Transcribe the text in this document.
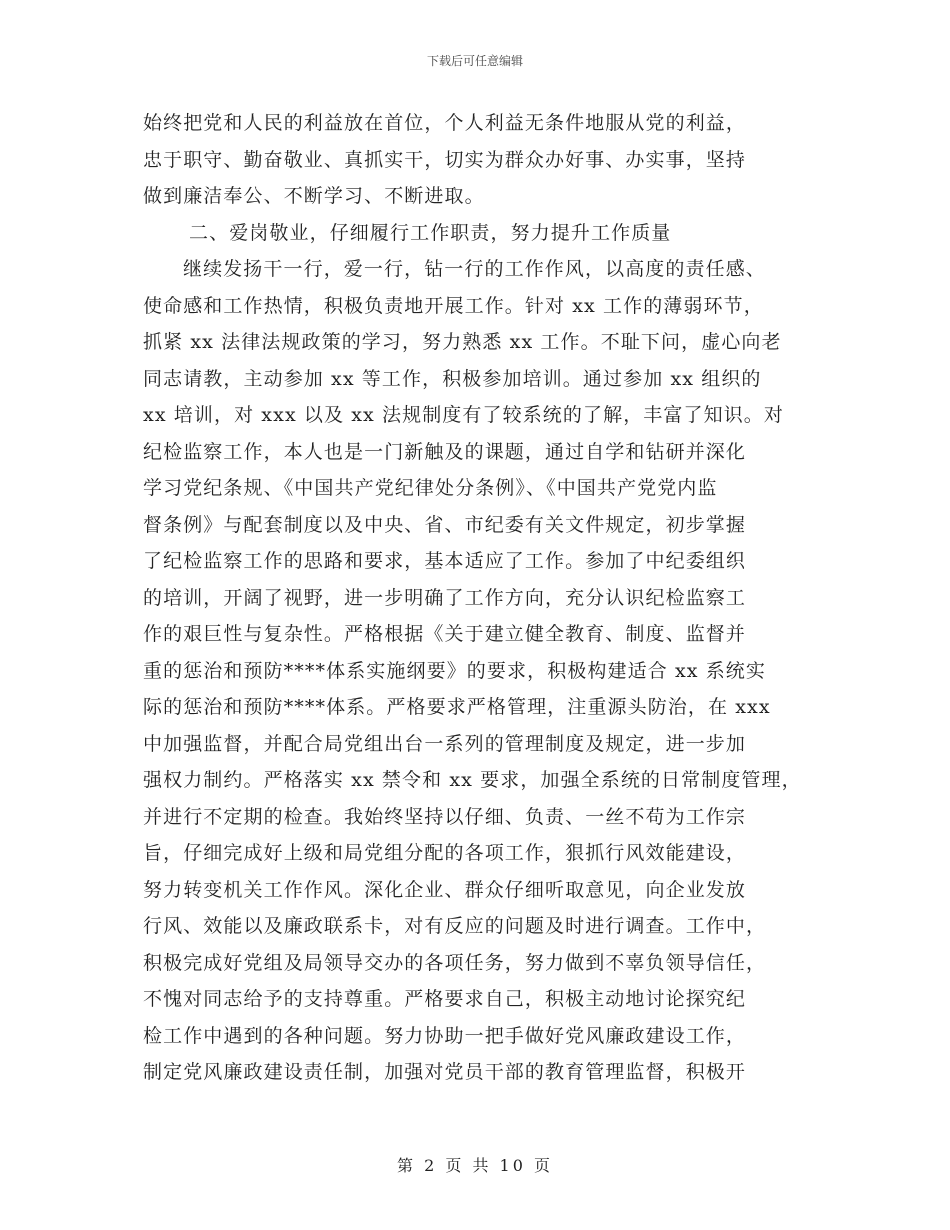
下载后可任意编辑
始终把党和人民的利益放在首位，个人利益无条件地服从党的利益，
忠于职守、勤奋敬业、真抓实干，切实为群众办好事、办实事，坚持
做到廉洁奉公、不断学习、不断进取。
二、爱岗敬业，仔细履行工作职责，努力提升工作质量
继续发扬干一行，爱一行，钻一行的工作作风，以高度的责任感、
使命感和工作热情，积极负责地开展工作。针对 xx 工作的薄弱环节，
抓紧 xx 法律法规政策的学习，努力熟悉 xx 工作。不耻下问，虚心向老
同志请教，主动参加 xx 等工作，积极参加培训。通过参加 xx 组织的
xx 培训，对 xxx 以及 xx 法规制度有了较系统的了解，丰富了知识。对
纪检监察工作，本人也是一门新触及的课题，通过自学和钻研并深化
学习党纪条规、《中国共产党纪律处分条例》、《中国共产党党内监
督条例》与配套制度以及中央、省、市纪委有关文件规定，初步掌握
了纪检监察工作的思路和要求，基本适应了工作。参加了中纪委组织
的培训，开阔了视野，进一步明确了工作方向，充分认识纪检监察工
作的艰巨性与复杂性。严格根据《关于建立健全教育、制度、监督并
重的惩治和预防****体系实施纲要》的要求，积极构建适合 xx 系统实
际的惩治和预防****体系。严格要求严格管理，注重源头防治，在 xxx
中加强监督，并配合局党组出台一系列的管理制度及规定，进一步加
强权力制约。严格落实 xx 禁令和 xx 要求，加强全系统的日常制度管理，
并进行不定期的检查。我始终坚持以仔细、负责、一丝不苟为工作宗
旨，仔细完成好上级和局党组分配的各项工作，狠抓行风效能建设，
努力转变机关工作作风。深化企业、群众仔细听取意见，向企业发放
行风、效能以及廉政联系卡，对有反应的问题及时进行调查。工作中，
积极完成好党组及局领导交办的各项任务，努力做到不辜负领导信任，
不愧对同志给予的支持尊重。严格要求自己，积极主动地讨论探究纪
检工作中遇到的各种问题。努力协助一把手做好党风廉政建设工作，
制定党风廉政建设责任制，加强对党员干部的教育管理监督，积极开
第 2 页 共 10 页
